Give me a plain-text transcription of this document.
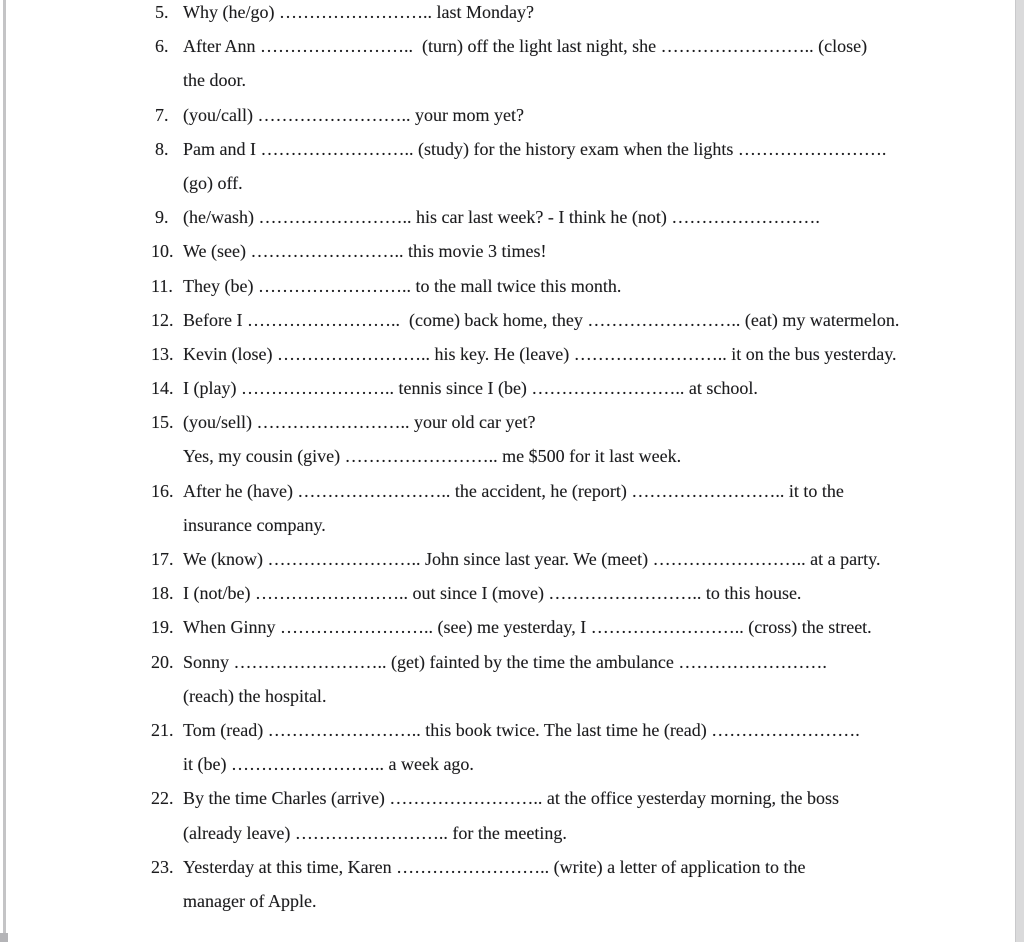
5. Why (he/go) …………………….. last Monday?
6. After Ann ……………………..  (turn) off the light last night, she …………………….. (close)
the door.
7. (you/call) …………………….. your mom yet?
8. Pam and I …………………….. (study) for the history exam when the lights …………………….
(go) off.
9. (he/wash) …………………….. his car last week? - I think he (not) …………………….
10. We (see) …………………….. this movie 3 times!
11. They (be) …………………….. to the mall twice this month.
12. Before I ……………………..  (come) back home, they …………………….. (eat) my watermelon.
13. Kevin (lose) …………………….. his key. He (leave) …………………….. it on the bus yesterday.
14. I (play) …………………….. tennis since I (be) …………………….. at school.
15. (you/sell) …………………….. your old car yet?
Yes, my cousin (give) …………………….. me $500 for it last week.
16. After he (have) …………………….. the accident, he (report) …………………….. it to the
insurance company.
17. We (know) …………………….. John since last year. We (meet) …………………….. at a party.
18. I (not/be) …………………….. out since I (move) …………………….. to this house.
19. When Ginny …………………….. (see) me yesterday, I …………………….. (cross) the street.
20. Sonny …………………….. (get) fainted by the time the ambulance …………………….
(reach) the hospital.
21. Tom (read) …………………….. this book twice. The last time he (read) …………………….
it (be) …………………….. a week ago.
22. By the time Charles (arrive) …………………….. at the office yesterday morning, the boss
(already leave) …………………….. for the meeting.
23. Yesterday at this time, Karen …………………….. (write) a letter of application to the
manager of Apple.
